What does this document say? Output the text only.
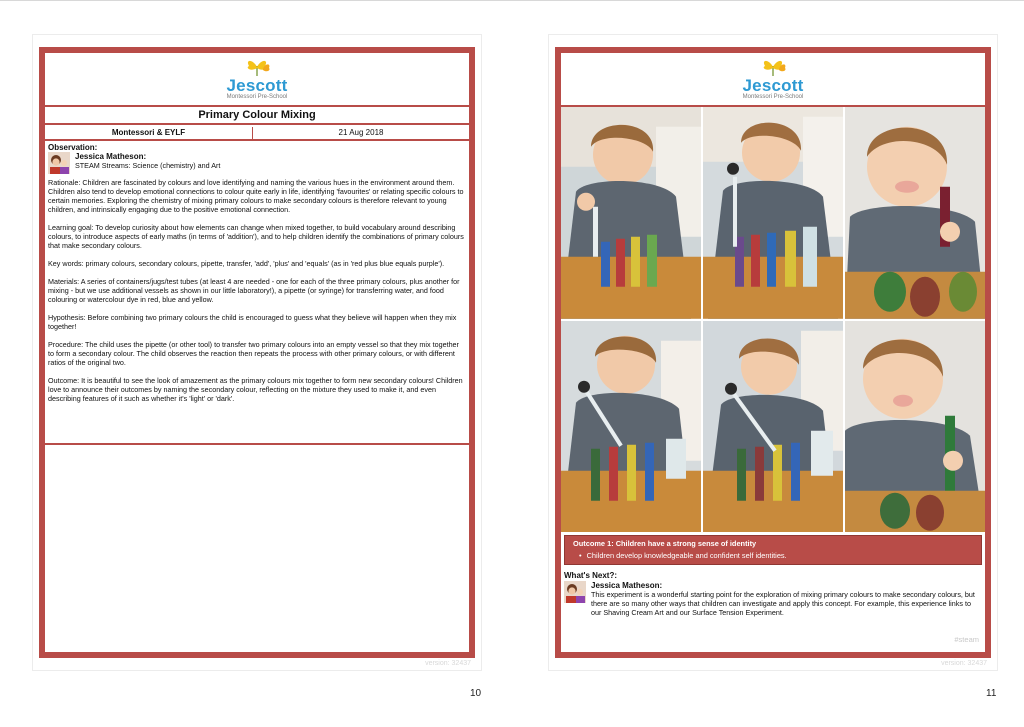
Jescott
Montessori Pre-School
Primary Colour Mixing
Montessori & EYLF	21 Aug 2018
Observation:
Jessica Matheson:
STEAM Streams: Science (chemistry) and Art

Rationale: Children are fascinated by colours and love identifying and naming the various hues in the environment around them. Children also tend to develop emotional connections to colour quite early in life, identifying 'favourites' or relating specific colours to certain memories. Exploring the chemistry of mixing primary colours to make secondary colours is therefore relevant to young children, and intrinsically engaging due to the positive emotional connection.

Learning goal: To develop curiosity about how elements can change when mixed together, to build vocabulary around describing colours, to introduce aspects of early maths (in terms of 'addition'), and to help children identify the combinations of primary colours that make secondary colours.

Key words: primary colours, secondary colours, pipette, transfer, 'add', 'plus' and 'equals' (as in 'red plus blue equals purple').

Materials: A series of containers/jugs/test tubes (at least 4 are needed - one for each of the three primary colours, plus another for mixing - but we use additional vessels as shown in our little laboratory!), a pipette (or syringe) for transferring water, and food colouring or watercolour dye in red, blue and yellow.

Hypothesis: Before combining two primary colours the child is encouraged to guess what they believe will happen when they mix together!

Procedure: The child uses the pipette (or other tool) to transfer two primary colours into an empty vessel so that they mix together to form a secondary colour. The child observes the reaction then repeats the process with other primary colours, or with different ratios of the original two.

Outcome: It is beautiful to see the look of amazement as the primary colours mix together to form new secondary colours! Children love to announce their outcomes by naming the secondary colour, reflecting on the mixture they used to make it, and even describing features of it such as whether it's 'light' or 'dark'.

version: 32437
10
Jescott
Montessori Pre-School
Outcome 1: Children have a strong sense of identity
• Children develop knowledgeable and confident self identities.
What's Next?:
Jessica Matheson:
This experiment is a wonderful starting point for the exploration of mixing primary colours to make secondary colours, but there are so many other ways that children can investigate and apply this concept. For example, this experience links to our Shaving Cream Art and our Surface Tension Experiment.
#steam
version: 32437
11
